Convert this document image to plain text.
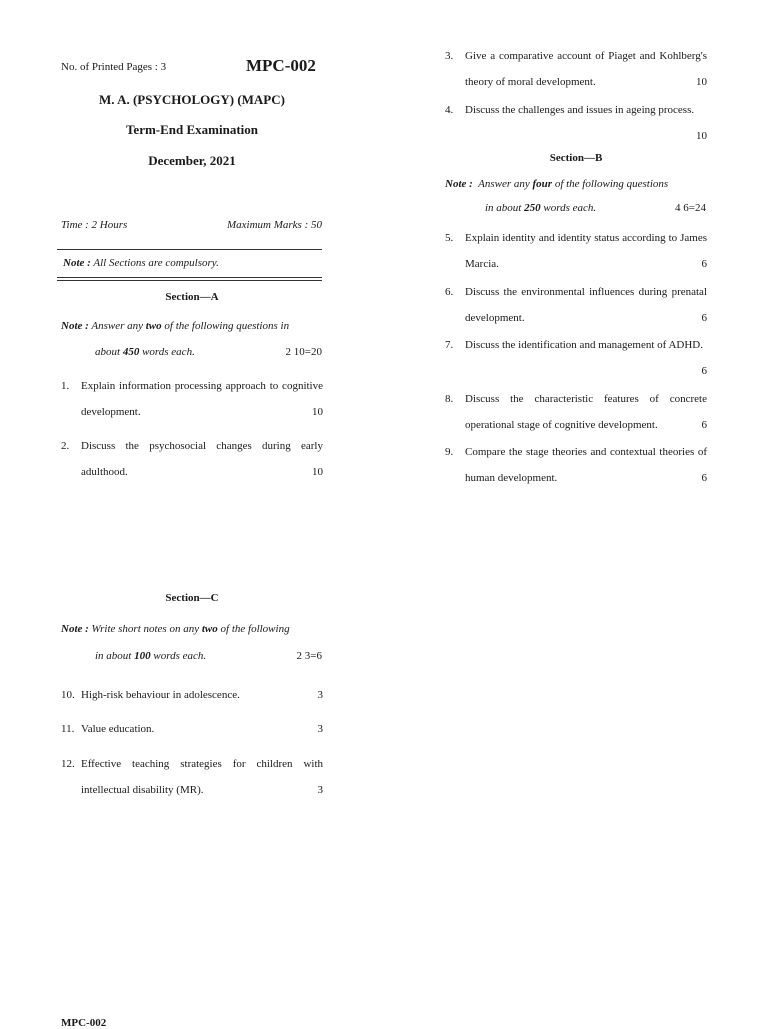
No. of Printed Pages : 3	MPC-002
M. A. (PSYCHOLOGY) (MAPC)
Term-End Examination
December, 2021
Time : 2 Hours	Maximum Marks : 50
Note : All Sections are compulsory.
Section—A
Note : Answer any two of the following questions in
about 450 words each.	2 10=20
1. Explain information processing approach to cognitive development.	10
2. Discuss the psychosocial changes during early adulthood.	10
3. Give a comparative account of Piaget and Kohlberg's theory of moral development.	10
4. Discuss the challenges and issues in ageing process.
10
Section—B
Note : Answer any four of the following questions
in about 250 words each.	4 6=24
5. Explain identity and identity status according to James Marcia.	6
6. Discuss the environmental influences during prenatal development.	6
7. Discuss the identification and management of ADHD.
6
8. Discuss the characteristic features of concrete operational stage of cognitive development.	6
9. Compare the stage theories and contextual theories of human development.	6
Section—C
Note : Write short notes on any two of the following
in about 100 words each.	2 3=6
10. High-risk behaviour in adolescence.	3
11. Value education.	3
12. Effective teaching strategies for children with intellectual disability (MR).	3
MPC-002
